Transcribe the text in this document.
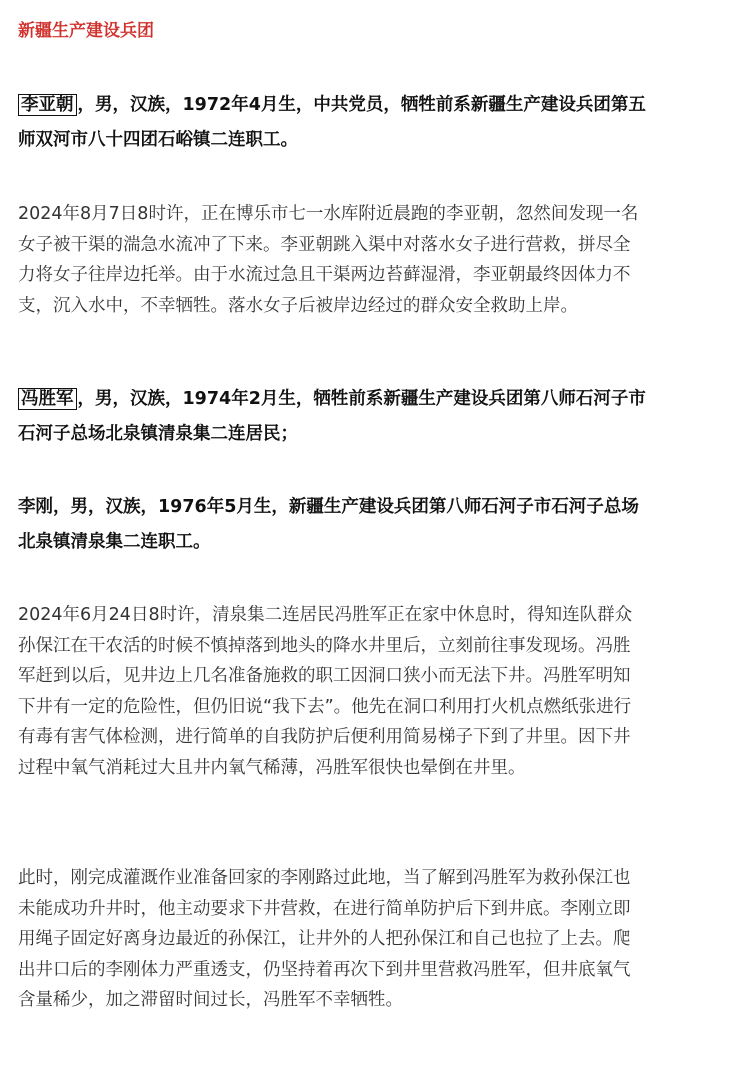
新疆生产建设兵团
李亚朝 ，男，汉族，1972年4月生，中共党员，牺牲前系新疆生产建设兵团第五
师双河市八十四团石峪镇二连职工。
2024年8月7日8时许，正在博乐市七一水库附近晨跑的李亚朝，忽然间发现一名
女子被干渠的湍急水流冲了下来。李亚朝跳入渠中对落水女子进行营救，拼尽全
力将女子往岸边托举。由于水流过急且干渠两边苔藓湿滑，李亚朝最终因体力不
支，沉入水中，不幸牺牲。落水女子后被岸边经过的群众安全救助上岸。
冯胜军 ，男，汉族，1974年2月生，牺牲前系新疆生产建设兵团第八师石河子市
石河子总场北泉镇清泉集二连居民；
李刚，男，汉族，1976年5月生，新疆生产建设兵团第八师石河子市石河子总场
北泉镇清泉集二连职工。
2024年6月24日8时许，清泉集二连居民冯胜军正在家中休息时，得知连队群众
孙保江在干农活的时候不慎掉落到地头的降水井里后，立刻前往事发现场。冯胜
军赶到以后，见井边上几名准备施救的职工因洞口狭小而无法下井。冯胜军明知
下井有一定的危险性，但仍旧说“我下去”。他先在洞口利用打火机点燃纸张进行
有毒有害气体检测，进行简单的自我防护后便利用简易梯子下到了井里。因下井
过程中氧气消耗过大且井内氧气稀薄，冯胜军很快也晕倒在井里。
此时，刚完成灌溉作业准备回家的李刚路过此地，当了解到冯胜军为救孙保江也
未能成功升井时，他主动要求下井营救，在进行简单防护后下到井底。李刚立即
用绳子固定好离身边最近的孙保江，让井外的人把孙保江和自己也拉了上去。爬
出井口后的李刚体力严重透支，仍坚持着再次下到井里营救冯胜军，但井底氧气
含量稀少，加之滞留时间过长，冯胜军不幸牺牲。
